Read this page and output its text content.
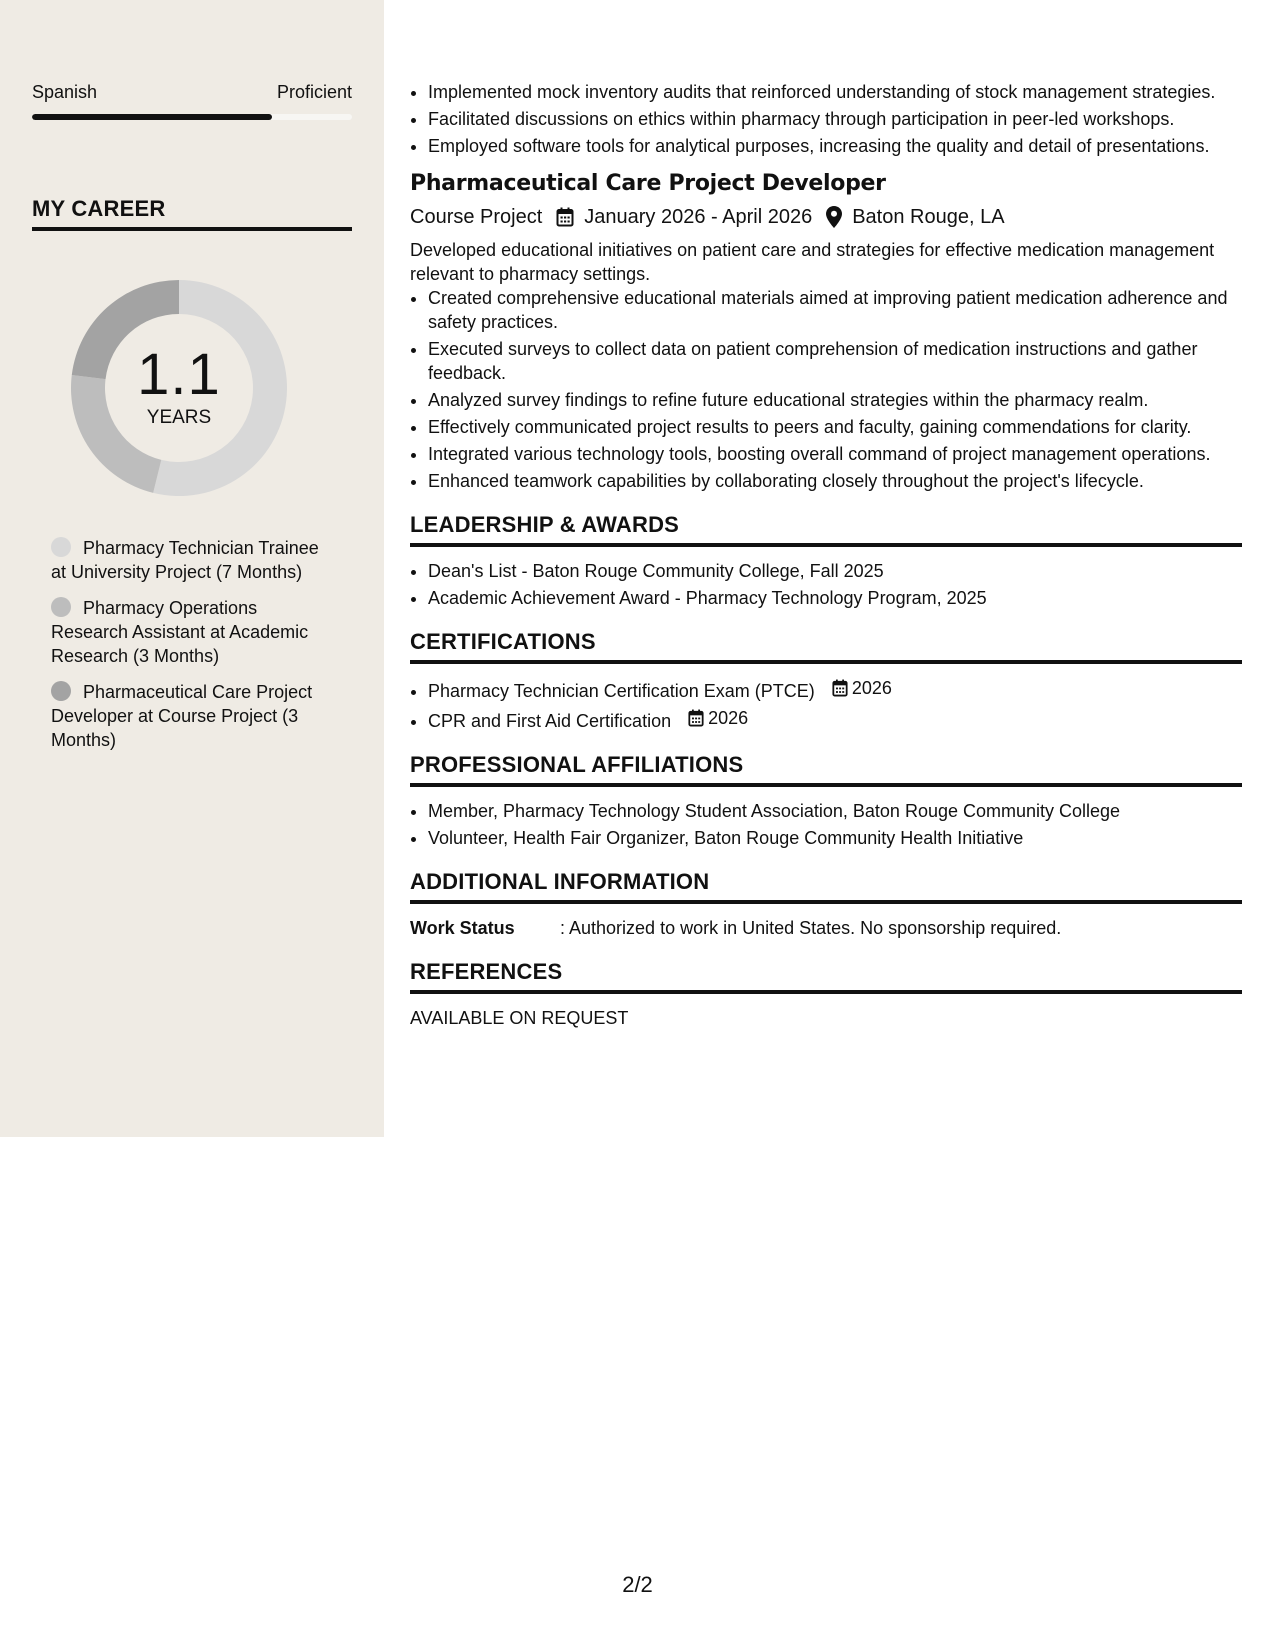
Spanish	Proficient
MY CAREER
1.1
YEARS
Pharmacy Technician Trainee at University Project (7 Months)
Pharmacy Operations Research Assistant at Academic Research (3 Months)
Pharmaceutical Care Project Developer at Course Project (3 Months)
• Implemented mock inventory audits that reinforced understanding of stock management strategies.
• Facilitated discussions on ethics within pharmacy through participation in peer-led workshops.
• Employed software tools for analytical purposes, increasing the quality and detail of presentations.
Pharmaceutical Care Project Developer
Course Project January 2026 - April 2026 Baton Rouge, LA
Developed educational initiatives on patient care and strategies for effective medication management relevant to pharmacy settings.
• Created comprehensive educational materials aimed at improving patient medication adherence and safety practices.
• Executed surveys to collect data on patient comprehension of medication instructions and gather feedback.
• Analyzed survey findings to refine future educational strategies within the pharmacy realm.
• Effectively communicated project results to peers and faculty, gaining commendations for clarity.
• Integrated various technology tools, boosting overall command of project management operations.
• Enhanced teamwork capabilities by collaborating closely throughout the project's lifecycle.
LEADERSHIP & AWARDS
• Dean's List - Baton Rouge Community College, Fall 2025
• Academic Achievement Award - Pharmacy Technology Program, 2025
CERTIFICATIONS
• Pharmacy Technician Certification Exam (PTCE) 2026
• CPR and First Aid Certification 2026
PROFESSIONAL AFFILIATIONS
• Member, Pharmacy Technology Student Association, Baton Rouge Community College
• Volunteer, Health Fair Organizer, Baton Rouge Community Health Initiative
ADDITIONAL INFORMATION
Work Status	: Authorized to work in United States. No sponsorship required.
REFERENCES
AVAILABLE ON REQUEST
2/2
